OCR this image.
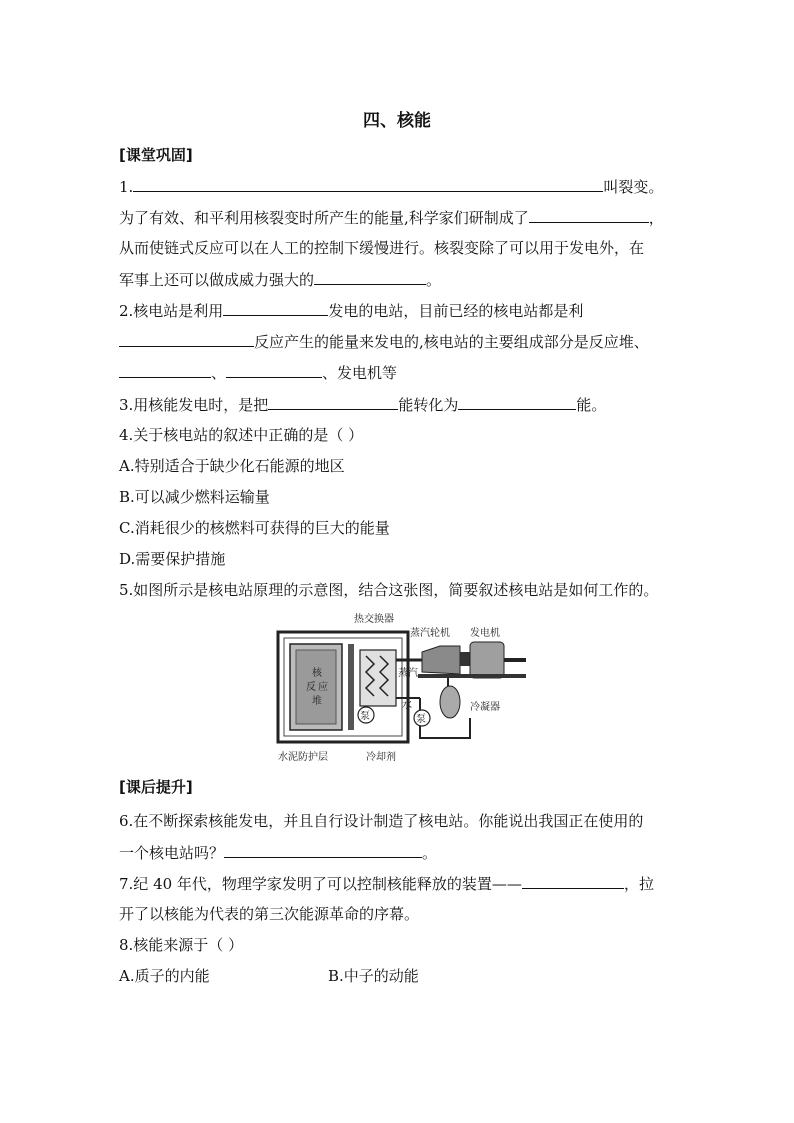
四、核能
[课堂巩固]
1.	叫裂变。
为了有效、和平利用核裂变时所产生的能量,科学家们研制成了	，
从而使链式反应可以在人工的控制下缓慢进行。核裂变除了可以用于发电外，在
军事上还可以做成威力强大的	。
2.核电站是利用	发电的电站，目前已经的核电站都是利
反应产生的能量来发电的,核电站的主要组成部分是反应堆、
、	、发电机等
3.用核能发电时，是把	能转化为	能。
4.关于核电站的叙述中正确的是（ ）
A.特别适合于缺少化石能源的地区
B.可以减少燃料运输量
C.消耗很少的核燃料可获得的巨大的能量
D.需要保护措施
5.如图所示是核电站原理的示意图，结合这张图，简要叙述核电站是如何工作的。
核
反 应
堆
泵	泵
热交换器
蒸汽轮机 发电机
蒸汽
水	冷凝器
水泥防护层	冷却剂
[课后提升]
6.在不断探索核能发电，并且自行设计制造了核电站。你能说出我国正在使用的
一个核电站吗？	。
7.纪 40 年代，物理学家发明了可以控制核能释放的装置——	，拉
开了以核能为代表的第三次能源革命的序幕。
8.核能来源于（ ）
A.质子的内能	B.中子的动能
